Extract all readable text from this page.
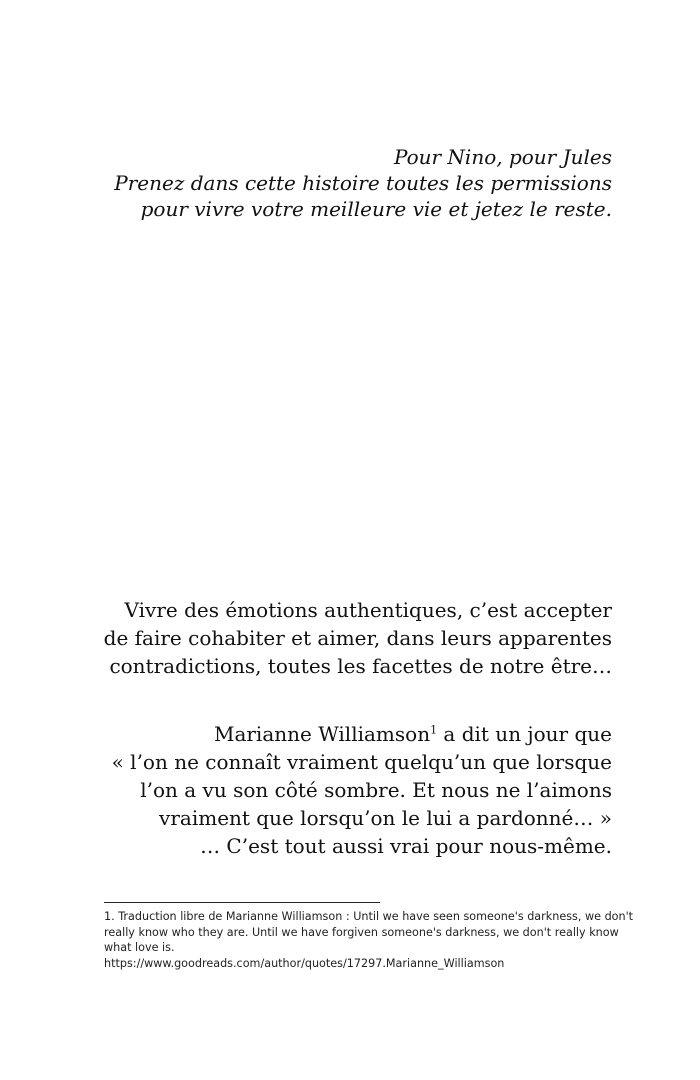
Pour Nino, pour Jules
Prenez dans cette histoire toutes les permissions
pour vivre votre meilleure vie et jetez le reste.
Vivre des émotions authentiques, c’est accepter
de faire cohabiter et aimer, dans leurs apparentes
contradictions, toutes les facettes de notre être…
Marianne Williamson$^1$ a dit un jour que
« l’on ne connaît vraiment quelqu’un que lorsque
l’on a vu son côté sombre. Et nous ne l’aimons
vraiment que lorsqu’on le lui a pardonné… »
… C’est tout aussi vrai pour nous-même.
1. Traduction libre de Marianne Williamson : Until we have seen someone's darkness, we don't
really know who they are. Until we have forgiven someone's darkness, we don't really know
what love is.
https://www.goodreads.com/author/quotes/17297.Marianne_Williamson
